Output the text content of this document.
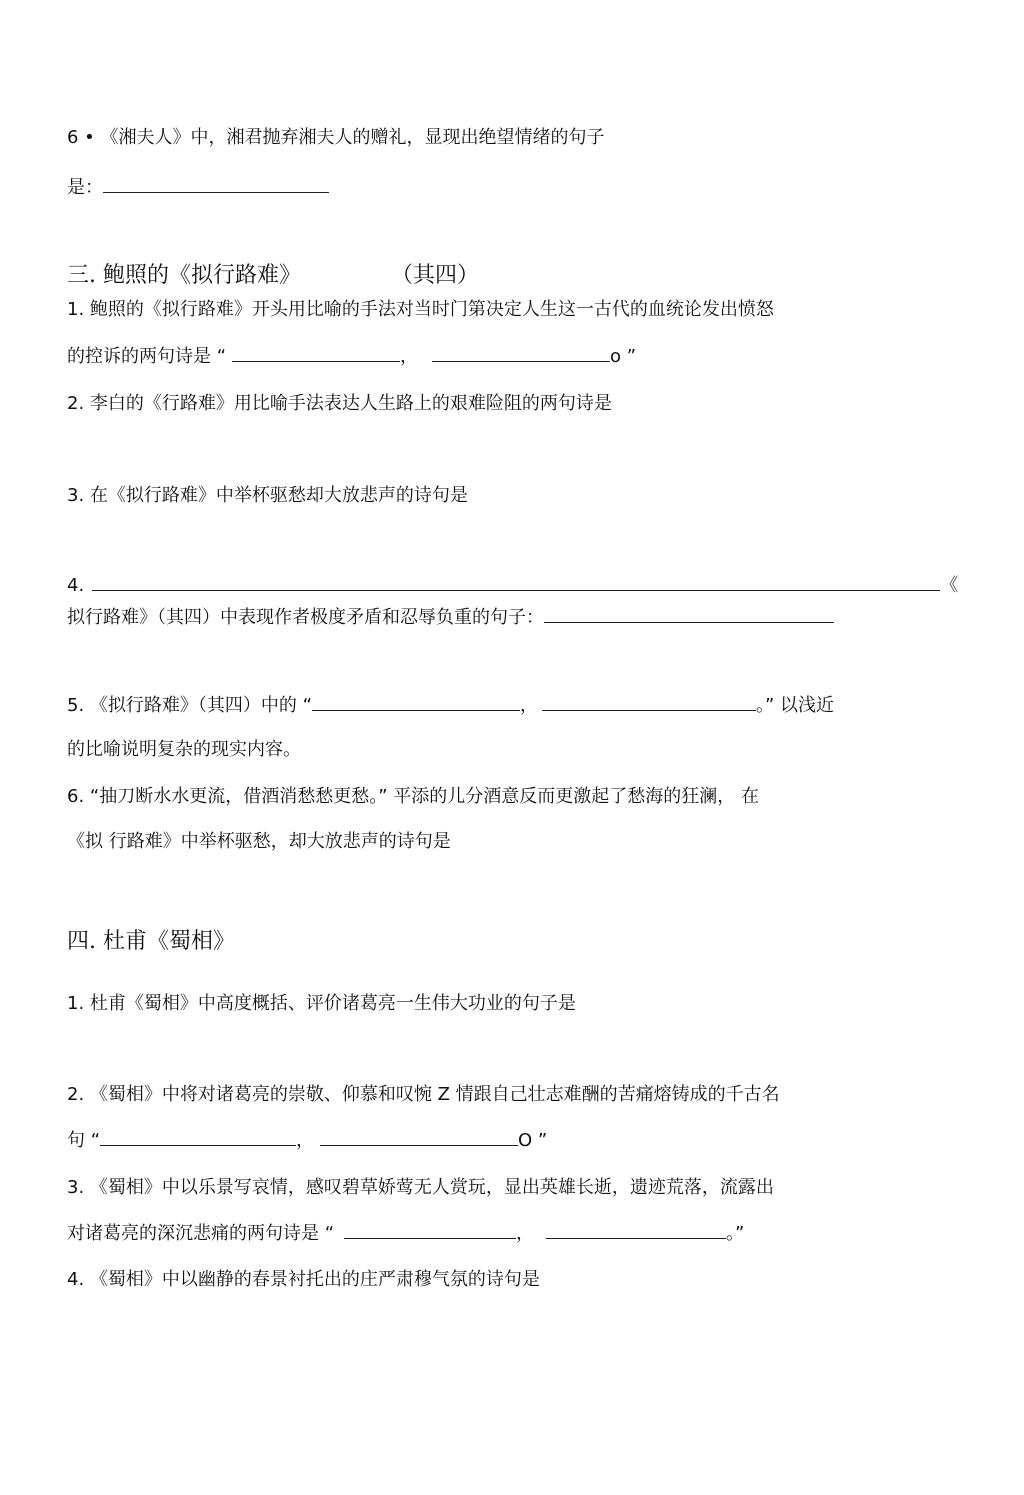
6 • 《湘夫人》中，湘君抛弃湘夫人的赠礼，显现出绝望情绪的句子
是：
三. 鲍照的《拟行路难》	（其四）
1. 鲍照的《拟行路难》开头用比喻的手法对当时门第决定人生这一古代的血统论发出愤怒
的控诉的两句诗是 “	，	o ”
2. 李白的《行路难》用比喻手法表达人生路上的艰难险阻的两句诗是
3. 在《拟行路难》中举杯驱愁却大放悲声的诗句是
4.	《
拟行路难》（其四）中表现作者极度矛盾和忍辱负重的句子：
5. 《拟行路难》（其四）中的 “	，	。” 以浅近
的比喻说明复杂的现实内容。
6. “抽刀断水水更流，借酒消愁愁更愁。” 平添的儿分酒意反而更激起了愁海的狂澜， 在
《拟 行路难》中举杯驱愁，却大放悲声的诗句是
四. 杜甫《蜀相》
1. 杜甫《蜀相》中高度概括、评价诸葛亮一生伟大功业的句子是
2. 《蜀相》中将对诸葛亮的崇敬、仰慕和叹惋 Z 情跟自己壮志难酬的苦痛熔铸成的千古名
句 “	，	O ”
3. 《蜀相》中以乐景写哀情，感叹碧草娇莺无人赏玩，显出英雄长逝，遗迹荒落，流露出
对诸葛亮的深沉悲痛的两句诗是 “	，	。”
4. 《蜀相》中以幽静的春景衬托出的庄严肃穆气氛的诗句是
